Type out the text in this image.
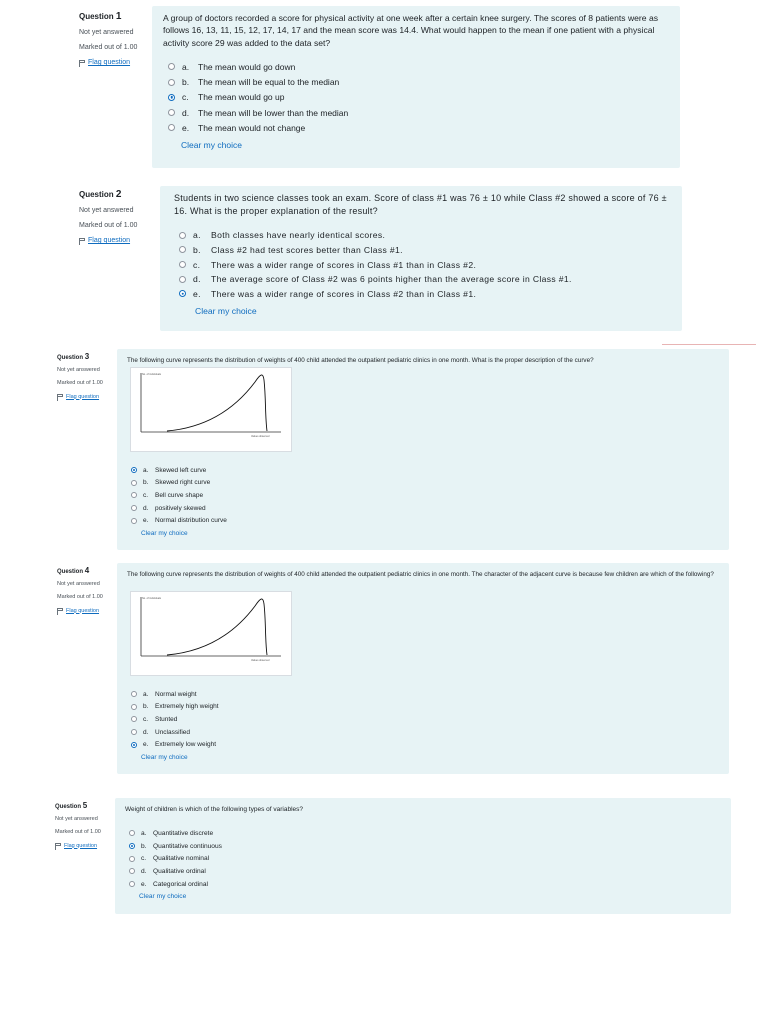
Question 1
Not yet answered
Marked out of 1.00
Flag question
A group of doctors recorded a score for physical activity at one week after a certain knee surgery. The scores of 8 patients were as follows 16, 13, 11, 15, 12, 17, 14, 17 and the mean score was 14.4. What would happen to the mean if one patient with a physical activity score 29 was added to the data set?
a.	The mean would go down
b.	The mean will be equal to the median
c.	The mean would go up
d.	The mean will be lower than the median
e.	The mean would not change
Clear my choice
Question 2
Not yet answered
Marked out of 1.00
Flag question
Students in two science classes took an exam. Score of class #1 was 76 ± 10 while Class #2 showed a score of 76 ± 16. What is the proper explanation of the result?
a.	Both classes have nearly identical scores.
b.	Class #2 had test scores better than Class #1.
c.	There was a wider range of scores in Class #1 than in Class #2.
d.	The average score of Class #2 was 6 points higher than the average score in Class #1.
e.	There was a wider range of scores in Class #2 than in Class #1.
Clear my choice
Question 3
Not yet answered
Marked out of 1.00
Flag question
The following curve represents the distribution of weights of 400 child attended the outpatient pediatric clinics in one month. What is the proper description of the curve?
a.	Skewed left curve
b.	Skewed right curve
c.	Bell curve shape
d.	positively skewed
e.	Normal distribution curve
Clear my choice
No. of individuals
Values observed
Question 4
Not yet answered
Marked out of 1.00
Flag question
The following curve represents the distribution of weights of 400 child attended the outpatient pediatric clinics in one month. The character of the adjacent curve is because few children are which of the following?
a.	Normal weight
b.	Extremely high weight
c.	Stunted
d.	Unclassified
e.	Extremely low weight
Clear my choice
No. of individuals
Values observed
Question 5
Not yet answered
Marked out of 1.00
Flag question
Weight of children is which of the following types of variables?
a. Quantitative discrete
b. Quantitative continuous
c.	Qualitative nominal
d. Qualitative ordinal
e. Categorical ordinal
Clear my choice
